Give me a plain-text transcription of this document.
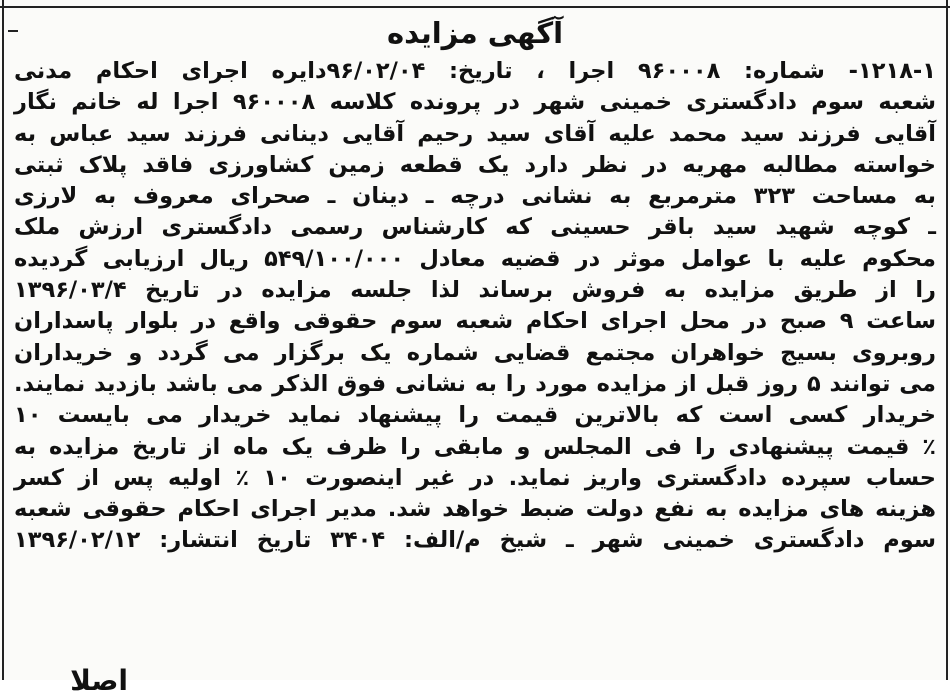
آگهی مزایده
۱۲۱۸-۱- شماره: ۹۶۰۰۰۸ اجرا ، تاریخ: ۹۶/۰۲/۰۴دایره اجرای احکام مدنی
شعبه سوم دادگستری خمینی شهر در پرونده کلاسه ۹۶۰۰۰۸ اجرا له خانم نگار
آقایی فرزند سید محمد علیه آقای سید رحیم آقایی دینانی فرزند سید عباس به
خواسته مطالبه مهریه در نظر دارد یک قطعه زمین کشاورزی فاقد پلاک ثبتی
به مساحت ۳۲۳ مترمربع به نشانی درچه ـ دینان ـ صحرای معروف به لارزی
ـ کوچه شهید سید باقر حسینی که کارشناس رسمی دادگستری ارزش ملک
محکوم علیه با عوامل موثر در قضیه معادل ۵۴۹/۱۰۰/۰۰۰ ریال ارزیابی گردیده
را از طریق مزایده به فروش برساند لذا جلسه مزایده در تاریخ ۱۳۹۶/۰۳/۴
ساعت ۹ صبح در محل اجرای احکام شعبه سوم حقوقی واقع در بلوار پاسداران
روبروی بسیج خواهران مجتمع قضایی شماره یک برگزار می گردد و خریداران
می توانند ۵ روز قبل از مزایده مورد را به نشانی فوق الذکر می باشد بازدید نمایند.
خریدار کسی است که بالاترین قیمت را پیشنهاد نماید خریدار می بایست ۱۰
٪ قیمت پیشنهادی را فی المجلس و مابقی را ظرف یک ماه از تاریخ مزایده به
حساب سپرده دادگستری واریز نماید. در غیر اینصورت ۱۰ ٪ اولیه پس از کسر
هزینه های مزایده به نفع دولت ضبط خواهد شد. مدیر اجرای احکام حقوقی شعبه
سوم دادگستری خمینی شهر ـ شیخ م/الف: ۳۴۰۴ تاریخ انتشار: ۱۳۹۶/۰۲/۱۲
اصلا
